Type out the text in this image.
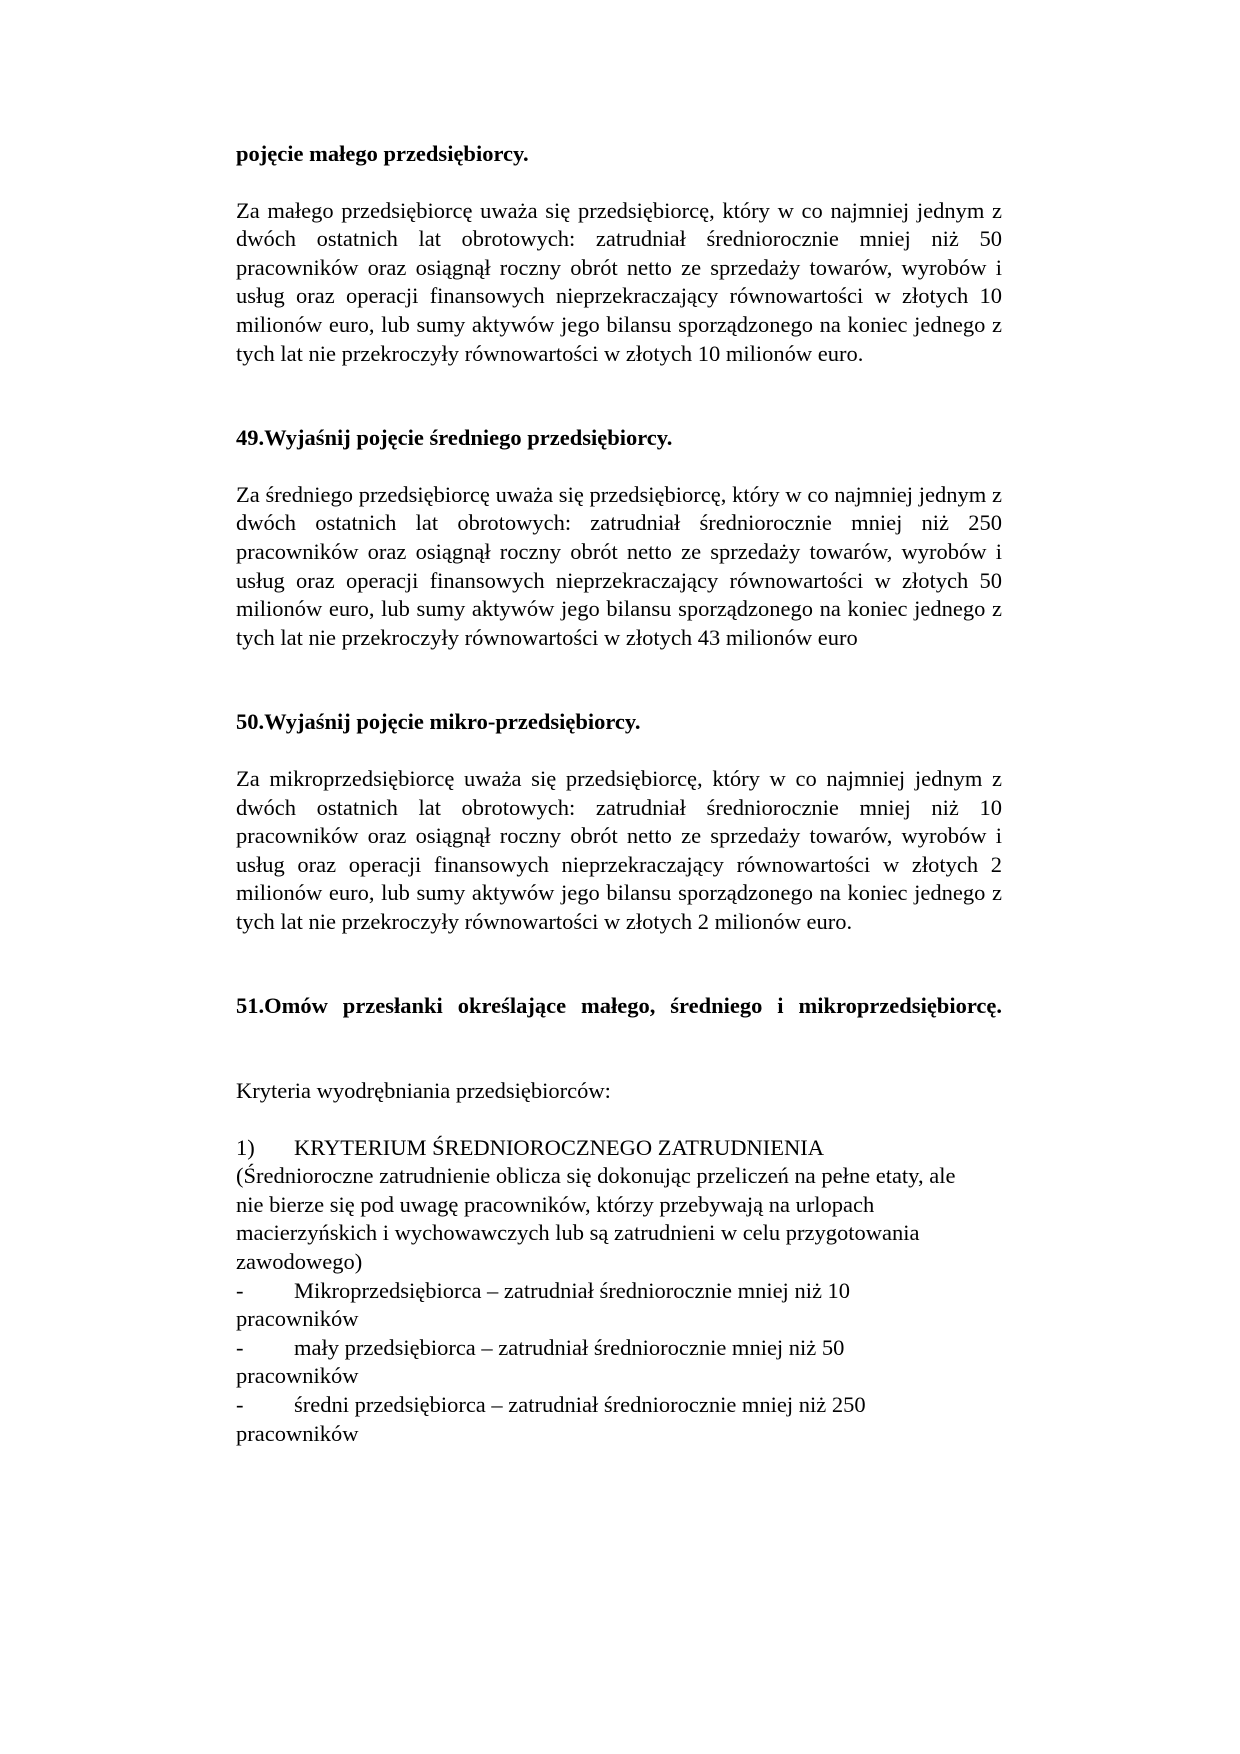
pojęcie małego przedsiębiorcy.

Za małego przedsiębiorcę uważa się przedsiębiorcę, który w co najmniej jednym z dwóch ostatnich lat obrotowych: zatrudniał średniorocznie mniej niż 50 pracowników oraz osiągnął roczny obrót netto ze sprzedaży towarów, wyrobów i usług oraz operacji finansowych nieprzekraczający równowartości w złotych 10 milionów euro, lub sumy aktywów jego bilansu sporządzonego na koniec jednego z tych lat nie przekroczyły równowartości w złotych 10 milionów euro.

49.Wyjaśnij pojęcie średniego przedsiębiorcy.

Za średniego przedsiębiorcę uważa się przedsiębiorcę, który w co najmniej jednym z dwóch ostatnich lat obrotowych: zatrudniał średniorocznie mniej niż 250 pracowników oraz osiągnął roczny obrót netto ze sprzedaży towarów, wyrobów i usług oraz operacji finansowych nieprzekraczający równowartości w złotych 50 milionów euro, lub sumy aktywów jego bilansu sporządzonego na koniec jednego z tych lat nie przekroczyły równowartości w złotych 43 milionów euro

50.Wyjaśnij pojęcie mikro-przedsiębiorcy.

Za mikroprzedsiębiorcę uważa się przedsiębiorcę, który w co najmniej jednym z dwóch ostatnich lat obrotowych: zatrudniał średniorocznie mniej niż 10 pracowników oraz osiągnął roczny obrót netto ze sprzedaży towarów, wyrobów i usług oraz operacji finansowych nieprzekraczający równowartości w złotych 2 milionów euro, lub sumy aktywów jego bilansu sporządzonego na koniec jednego z tych lat nie przekroczyły równowartości w złotych 2 milionów euro.

51.Omów przesłanki określające małego, średniego i mikroprzedsiębiorcę.

Kryteria wyodrębniania przedsiębiorców:

1)	KRYTERIUM ŚREDNIOROCZNEGO ZATRUDNIENIA

(Średnioroczne zatrudnienie oblicza się dokonując przeliczeń na pełne etaty, ale nie bierze się pod uwagę pracowników, którzy przebywają na urlopach macierzyńskich i wychowawczych lub są zatrudnieni w celu przygotowania zawodowego)

- Mikroprzedsiębiorca – zatrudniał średniorocznie mniej niż 10

pracowników

- mały przedsiębiorca – zatrudniał średniorocznie mniej niż 50

pracowników

- średni przedsiębiorca – zatrudniał średniorocznie mniej niż 250

pracowników
